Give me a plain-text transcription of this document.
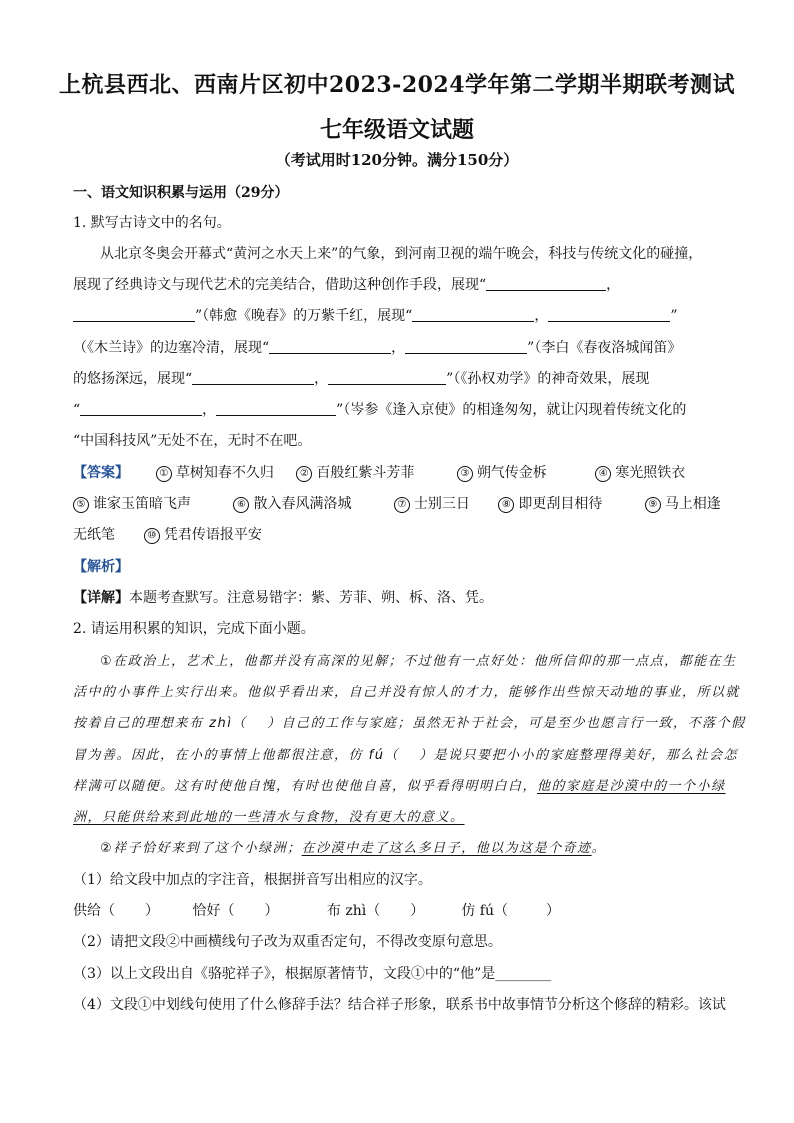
上杭县西北、西南片区初中2023-2024学年第二学期半期联考测试
七年级语文试题
（考试用时120分钟。满分150分）
一、语文知识积累与运用（29分）
1. 默写古诗文中的名句。
从北京冬奥会开幕式“黄河之水天上来”的气象，到河南卫视的端午晚会，科技与传统文化的碰撞，
展现了经典诗文与现代艺术的完美结合，借助这种创作手段，展现“	，
”（韩愈《晚春》的万紫千红，展现“	，	”
（《木兰诗》的边塞冷清，展现“	，	”（李白《春夜洛城闻笛》
的悠扬深远，展现“	，	”（《孙权劝学》的神奇效果，展现
“	，	”（岑参《逢入京使》的相逢匆匆，就让闪现着传统文化的
“中国科技风”无处不在，无时不在吧。
【答案】	① 草树知春不久归	② 百般红紫斗芳菲	③ 朔气传金柝	④ 寒光照铁衣
⑤ 谁家玉笛暗飞声	⑥ 散入春风满洛城	⑦ 士别三日	⑧ 即更刮目相待	⑨ 马上相逢
无纸笔	⑩ 凭君传语报平安
【解析】
【详解】本题考查默写。注意易错字：紫、芳菲、朔、柝、洛、凭。
2. 请运用积累的知识，完成下面小题。
①在政治上，艺术上，他都并没有高深的见解；不过他有一点好处：他所信仰的那一点点，都能在生
活中的小事件上实行出来。他似乎看出来，自己并没有惊人的才力，能够作出些惊天动地的事业，所以就
按着自己的理想来布 zhì（　 ）自己的工作与家庭；虽然无补于社会，可是至少也愿言行一致，不落个假
冒为善。因此，在小的事情上他都很注意，仿 fú（　 ）是说只要把小小的家庭整理得美好，那么社会怎
样满可以随便。这有时使他自愧，有时也使他自喜，似乎看得明明白白，他的家庭是沙漠中的一个小绿
洲，只能供给来到此地的一些清水与食物，没有更大的意义。
②祥子恰好来到了这个小绿洲；在沙漠中走了这么多日子，他以为这是个奇迹。
（1）给文段中加点的字注音，根据拼音写出相应的汉字。
供给（ ） 恰好（ ）	布 zhì（ ）	仿 fú（	）
（2）请把文段②中画横线句子改为双重否定句，不得改变原句意思。
（3）以上文段出自《骆驼祥子》，根据原著情节，文段①中的“他”是________
（4）文段①中划线句使用了什么修辞手法？结合祥子形象，联系书中故事情节分析这个修辞的精彩。该试
